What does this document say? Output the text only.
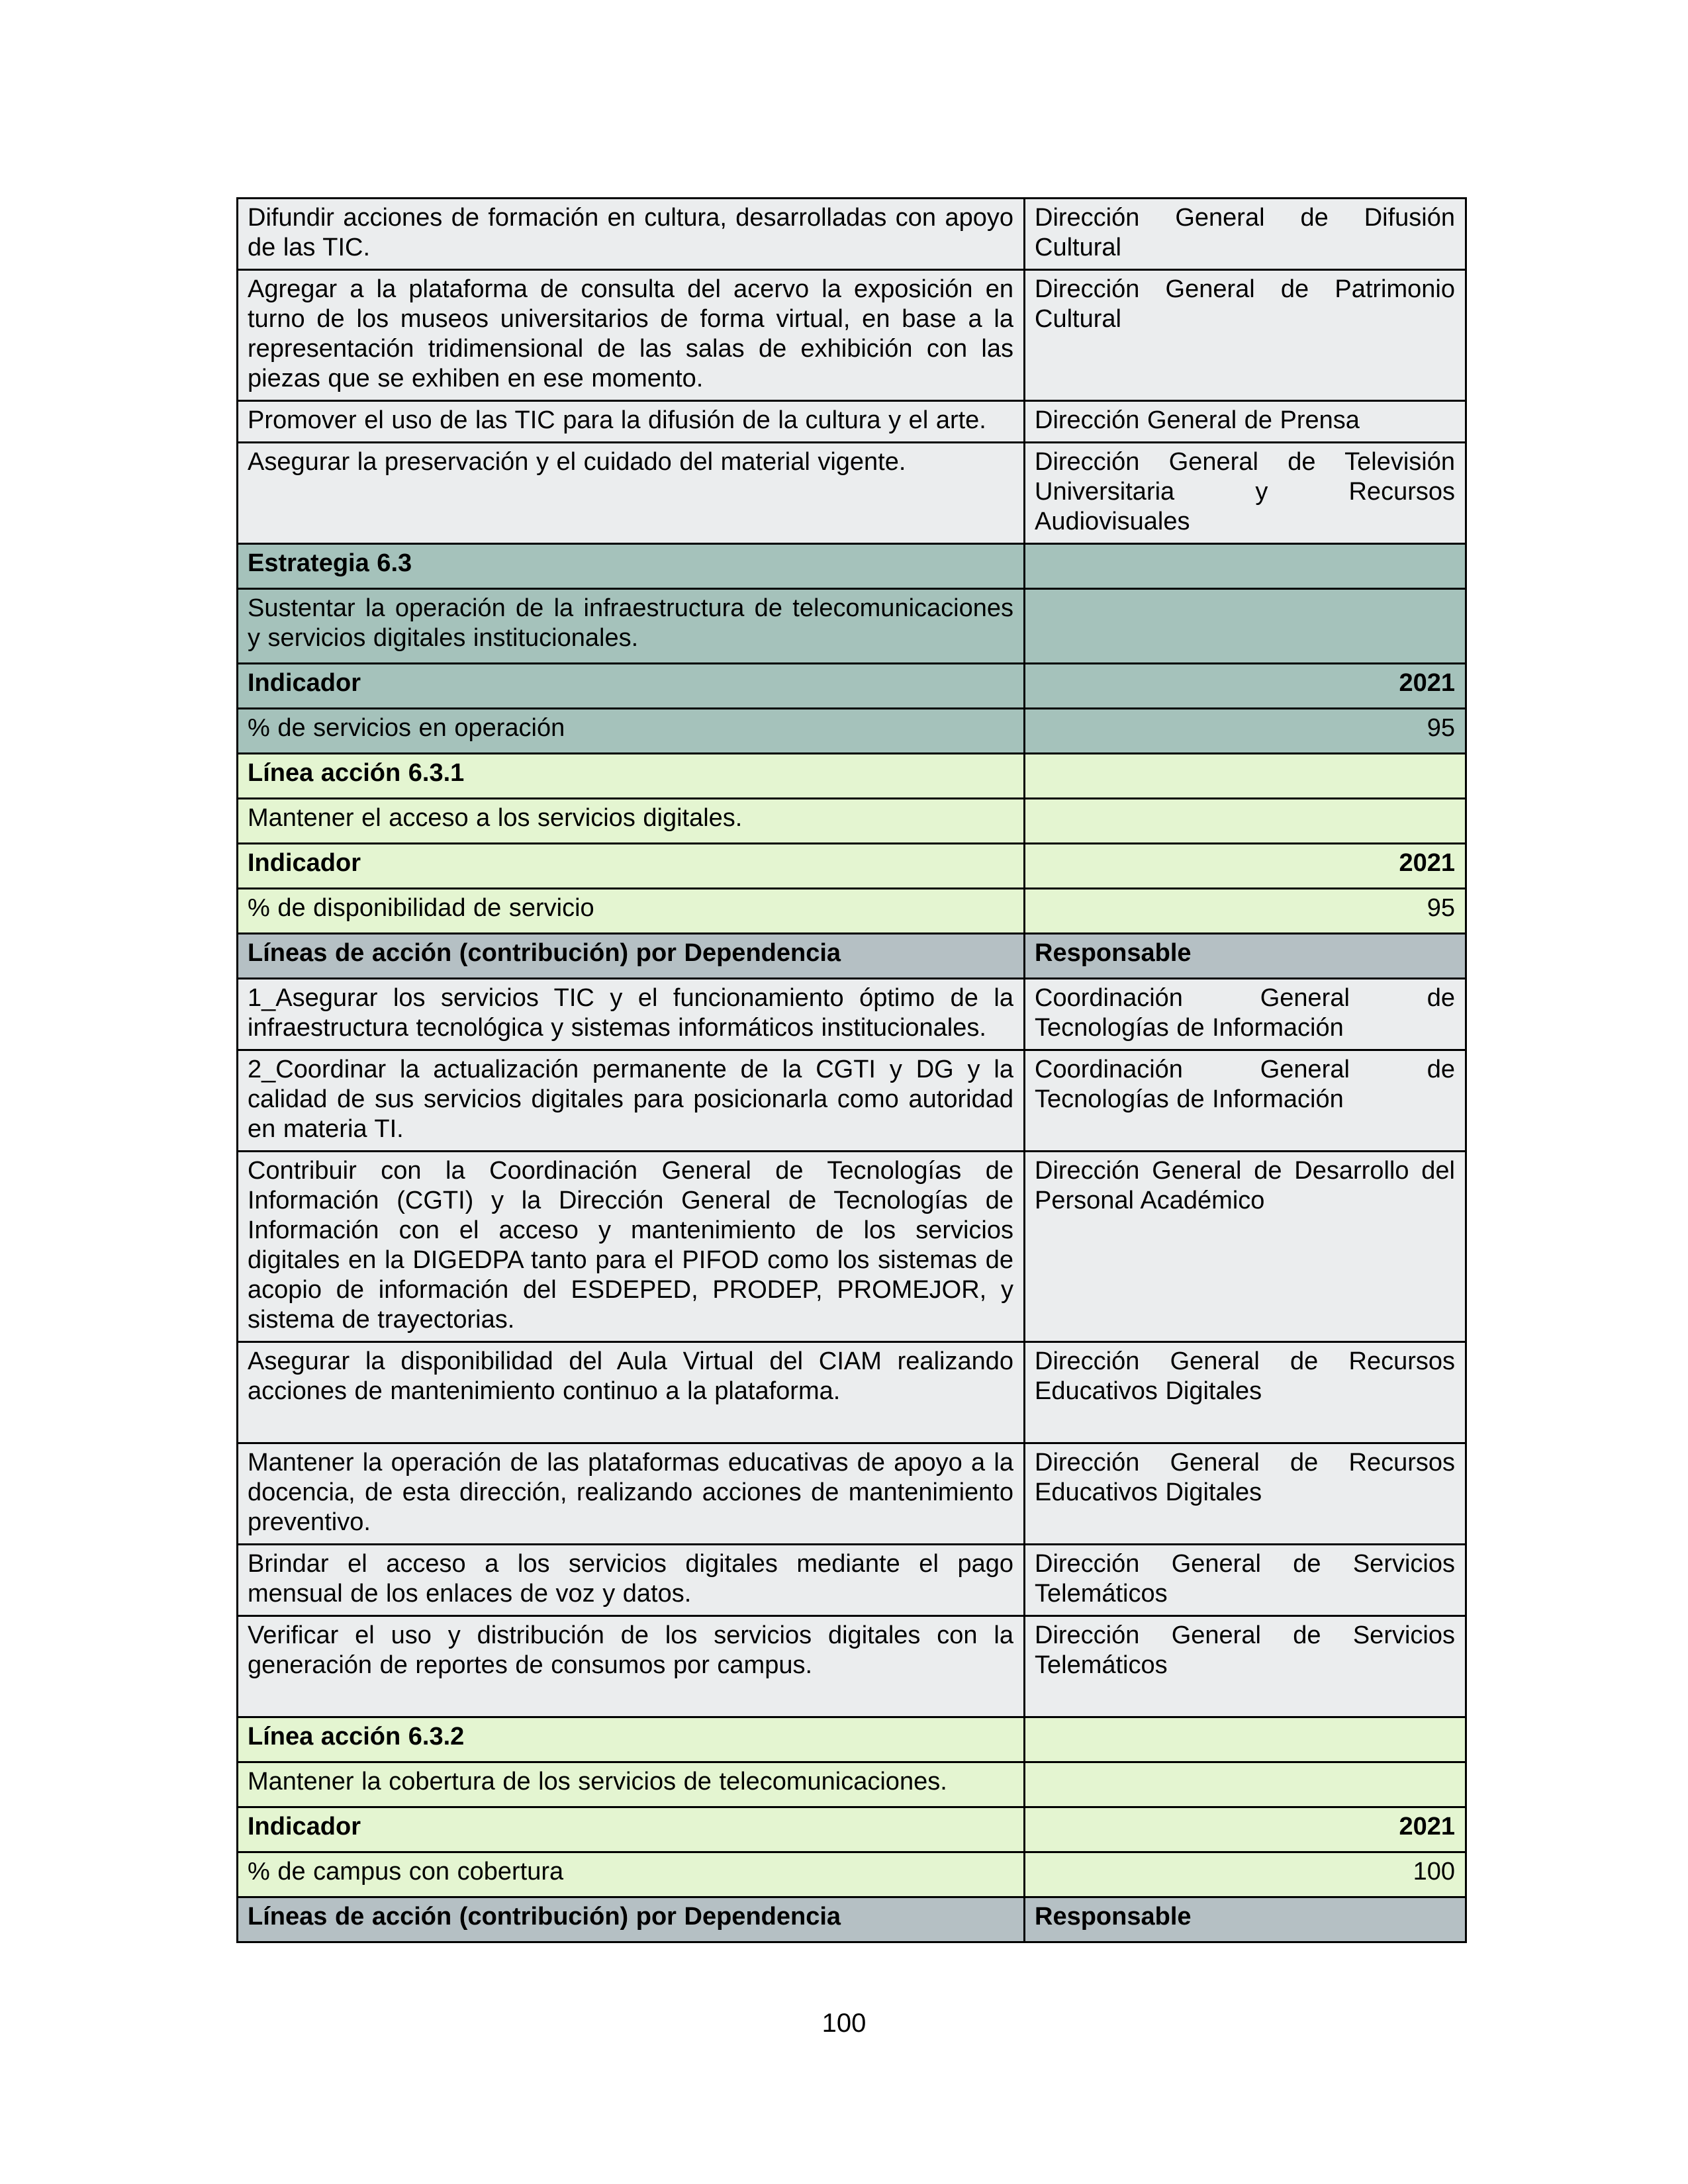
Difundir acciones de formación en cultura, desarrolladas con apoyo de las TIC.	Dirección General de Difusión Cultural
Agregar a la plataforma de consulta del acervo la exposición en turno de los museos universitarios de forma virtual, en base a la representación tridimensional de las salas de exhibición con las piezas que se exhiben en ese momento.	Dirección General de Patrimonio Cultural
Promover el uso de las TIC para la difusión de la cultura y el arte.	Dirección General de Prensa
Asegurar la preservación y el cuidado del material vigente.	Dirección General de Televisión Universitaria y Recursos Audiovisuales
Estrategia 6.3	
Sustentar la operación de la infraestructura de telecomunicaciones y servicios digitales institucionales.	
Indicador	2021
% de servicios en operación	95
Línea acción 6.3.1	
Mantener el acceso a los servicios digitales.	
Indicador	2021
% de disponibilidad de servicio	95
Líneas de acción (contribución) por Dependencia	Responsable
1_Asegurar los servicios TIC y el funcionamiento óptimo de la infraestructura tecnológica y sistemas informáticos institucionales.	Coordinación General de Tecnologías de Información
2_Coordinar la actualización permanente de la CGTI y DG y la calidad de sus servicios digitales para posicionarla como autoridad en materia TI.	Coordinación General de Tecnologías de Información
Contribuir con la Coordinación General de Tecnologías de Información (CGTI) y la Dirección General de Tecnologías de Información con el acceso y mantenimiento de los servicios digitales en la DIGEDPA tanto para el PIFOD como los sistemas de acopio de información del ESDEPED, PRODEP, PROMEJOR, y sistema de trayectorias.	Dirección General de Desarrollo del Personal Académico
Asegurar la disponibilidad del Aula Virtual del CIAM realizando acciones de mantenimiento continuo a la plataforma.	Dirección General de Recursos Educativos Digitales
Mantener la operación de las plataformas educativas de apoyo a la docencia, de esta dirección, realizando acciones de mantenimiento preventivo.	Dirección General de Recursos Educativos Digitales
Brindar el acceso a los servicios digitales mediante el pago mensual de los enlaces de voz y datos.	Dirección General de Servicios Telemáticos
Verificar el uso y distribución de los servicios digitales con la generación de reportes de consumos por campus.	Dirección General de Servicios Telemáticos
Línea acción 6.3.2	
Mantener la cobertura de los servicios de telecomunicaciones.	
Indicador	2021
% de campus con cobertura	100
Líneas de acción (contribución) por Dependencia	Responsable
100
